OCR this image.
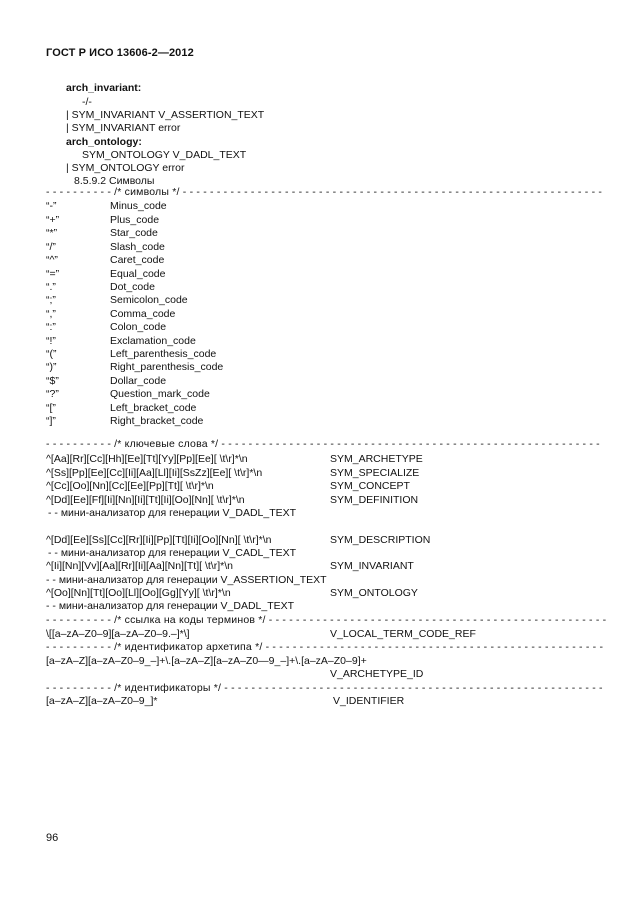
ГОСТ Р ИСО 13606-2—2012
arch_invariant:
-/-
| SYM_INVARIANT V_ASSERTION_TEXT
| SYM_INVARIANT error
arch_ontology:
SYM_ONTOLOGY V_DADL_TEXT
| SYM_ONTOLOGY error
8.5.9.2 Символы
- - - - - - - - - - /* символы */ - - - - - - - - - - - - - - - - - - - - - - - - - - - - - - - - - - - - - - - - - - - - - - - - - - - - - - - - - - - - - -
“-”	Minus_code
“+”	Plus_code
“*”	Star_code
“/”	Slash_code
“^”	Caret_code
“=”	Equal_code
“.”	Dot_code
“;”	Semicolon_code
“,”	Comma_code
“:”	Colon_code
“!”	Exclamation_code
“(”	Left_parenthesis_code
“)”	Right_parenthesis_code
“$”	Dollar_code
“?”	Question_mark_code
“[”	Left_bracket_code
“]”	Right_bracket_code
- - - - - - - - - - /* ключевые слова */ - - - - - - - - - - - - - - - - - - - - - - - - - - - - - - - - - - - - - - - - - - - - - - - - - - - - - - - -
^[Aa][Rr][Cc][Hh][Ee][Tt][Yy][Pp][Ee][ \t\r]*\n	SYM_ARCHETYPE
^[Ss][Pp][Ee][Cc][Ii][Aa][Ll][Ii][SsZz][Ee][ \t\r]*\n	SYM_SPECIALIZE
^[Cc][Oo][Nn][Cc][Ee][Pp][Tt][ \t\r]*\n	SYM_CONCEPT
^[Dd][Ee][Ff][Ii][Nn][Ii][Tt][Ii][Oo][Nn][ \t\r]*\n	SYM_DEFINITION
- - мини-анализатор для генерации V_DADL_TEXT
^[Dd][Ee][Ss][Cc][Rr][Ii][Pp][Tt][Ii][Oo][Nn][ \t\r]*\n	SYM_DESCRIPTION
- - мини-анализатор для генерации V_CADL_TEXT
^[Ii][Nn][Vv][Aa][Rr][Ii][Aa][Nn][Tt][ \t\r]*\n	SYM_INVARIANT
- - мини-анализатор для генерации V_ASSERTION_TEXT
^[Oo][Nn][Tt][Oo][Ll][Oo][Gg][Yy][ \t\r]*\n	SYM_ONTOLOGY
- - мини-анализатор для генерации V_DADL_TEXT
- - - - - - - - - - /* ссылка на коды терминов */ - - - - - - - - - - - - - - - - - - - - - - - - - - - - - - - - - - - - - - - - - - - - - - - - - -
\[[a–zA–Z0–9][a–zA–Z0–9.–]*\]	V_LOCAL_TERM_CODE_REF
- - - - - - - - - - /* идентификатор архетипа */ - - - - - - - - - - - - - - - - - - - - - - - - - - - - - - - - - - - - - - - - - - - - - - - - - -
[a–zA–Z][a–zA–Z0–9_–]+\.[a–zA–Z][a–zA–Z0—9_–]+\.[a–zA–Z0–9]+
V_ARCHETYPE_ID
- - - - - - - - - - /* идентификаторы */ - - - - - - - - - - - - - - - - - - - - - - - - - - - - - - - - - - - - - - - - - - - - - - - - - - - - - - - -
[a–zA–Z][a–zA–Z0–9_]*	V_IDENTIFIER
96
